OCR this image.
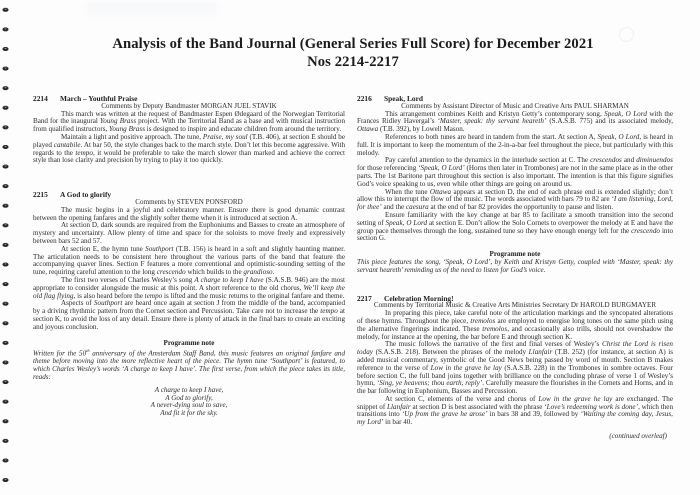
Analysis of the Band Journal (General Series Full Score) for December 2021
Nos 2214-2217
2214	March – Youthful Praise

Comments by Deputy Bandmaster MORGAN JUEL STAVIK

This march was written at the request of Bandmaster Espen Ødegaard of the Norwegian Territorial Band for the inaugural Young Brass project. With the Territorial Band as a base and with musical instruction from qualified instructors, Young Brass is designed to inspire and educate children from around the territory.

Maintain a light and positive approach. The tune, Praise, my soul (T.B. 406), at section E should be played cantabile. At bar 50, the style changes back to the march style. Don’t let this become aggressive. With regards to the tempo, it would be preferable to take the march slower than marked and achieve the correct style than lose clarity and precision by trying to play it too quickly.

2215	A God to glorify

Comments by STEVEN PONSFORD

The music begins in a joyful and celebratory manner. Ensure there is good dynamic contrast between the opening fanfares and the slightly softer theme when it is introduced at section A.

At section D, dark sounds are required from the Euphoniums and Basses to create an atmosphere of mystery and uncertainty. Allow plenty of time and space for the soloists to move freely and expressively between bars 52 and 57.

At section E, the hymn tune Southport (T.B. 156) is heard in a soft and slightly haunting manner. The articulation needs to be consistent here throughout the various parts of the band that feature the accompanying quaver lines. Section F features a more conventional and optimistic-sounding setting of the tune, requiring careful attention to the long crescendo which builds to the grandioso.

The first two verses of Charles Wesley’s song A charge to keep I have (S.A.S.B. 946) are the most appropriate to consider alongside the music at this point. A short reference to the old chorus, We’ll keep the old flag flying, is also heard before the tempo is lifted and the music returns to the original fanfare and theme.

Aspects of Southport are heard once again at section J from the middle of the band, accompanied by a driving rhythmic pattern from the Cornet section and Percussion. Take care not to increase the tempo at section K, to avoid the loss of any detail. Ensure there is plenty of attack in the final bars to create an exciting and joyous conclusion.

Programme note

Written for the 50th anniversary of the Amsterdam Staff Band, this music features an original fanfare and theme before moving into the more reflective heart of the piece. The hymn tune ‘Southport’ is featured, to which Charles Wesley’s words ‘A charge to keep I have’. The first verse, from which the piece takes its title, reads:

A charge to keep I have,
A God to glorify,
A never-dying soul to save,
And fit it for the sky.
2216	Speak, Lord

Comments by Assistant Director of Music and Creative Arts PAUL SHARMAN

This arrangement combines Keith and Kristyn Getty’s contemporary song, Speak, O Lord with the Frances Ridley Havergal’s ‘Master, speak: thy servant heareth’ (S.A.S.B. 775) and its associated melody, Ottawa (T.B. 392), by Lowell Mason.

References to both tunes are heard in tandem from the start. At section A, Speak, O Lord, is heard in full. It is important to keep the momentum of the 2-in-a-bar feel throughout the piece, but particularly with this melody.

Pay careful attention to the dynamics in the interlude section at C. The crescendos and diminuendos for those referencing ‘Speak, O Lord’ (Horns then later in Trombones) are not in the same place as in the other parts. The 1st Baritone part throughout this section is also important. The intention is that this figure signifies God’s voice speaking to us, even while other things are going on around us.

When the tune Ottawa appears at section D, the end of each phrase end is extended slightly; don’t allow this to interrupt the flow of the music. The words associated with bars 79 to 82 are ‘I am listening, Lord, for thee’ and the caesura at the end of bar 82 provides the opportunity to pause and listen.

Ensure familiarity with the key change at bar 85 to facilitate a smooth transition into the second setting of Speak, O Lord at section E. Don’t allow the Solo Cornets to overpower the melody at E and have the group pace themselves through the long, sustained tune so they have enough energy left for the crescendo into section G.

Programme note

This piece features the song, ‘Speak, O Lord’, by Keith and Kristyn Getty, coupled with ‘Master, speak: thy servant heareth’ reminding us of the need to listen for God’s voice.

2217	Celebration Morning!

Comments by Territorial Music & Creative Arts Ministries Secretary Dr HAROLD BURGMAYER

In preparing this piece, take careful note of the articulation markings and the syncopated alterations of these hymns. Throughout the piece, tremolos are employed to energise long tones on the same pitch using the alternative fingerings indicated. These tremolos, and occasionally also trills, should not overshadow the melody, for instance at the opening, the bar before E and through section K.

The music follows the narrative of the first and final verses of Wesley’s Christ the Lord is risen today (S.A.S.B. 218). Between the phrases of the melody Llanfair (T.B. 252) (for instance, at section A) is added musical commentary, symbolic of the Good News being passed by word of mouth. Section B makes reference to the verse of Low in the grave he lay (S.A.S.B. 228) in the Trombones in sombre octaves. Four before section C, the full band joins together with brilliance on the concluding phrase of verse 1 of Wesley’s hymn, ‘Sing, ye heavens; thou earth, reply’. Carefully measure the flourishes in the Cornets and Horns, and in the bar following in Euphonium, Basses and Percussion.

At section C, elements of the verse and chorus of Low in the grave he lay are exchanged. The snippet of Llanfair at section D is best associated with the phrase ‘Love’s redeeming work is done’, which then transitions into ‘Up from the grave he arose’ in bars 38 and 39, followed by ‘Waiting the coming day, Jesus, my Lord’ in bar 40.

(continued overleaf)
